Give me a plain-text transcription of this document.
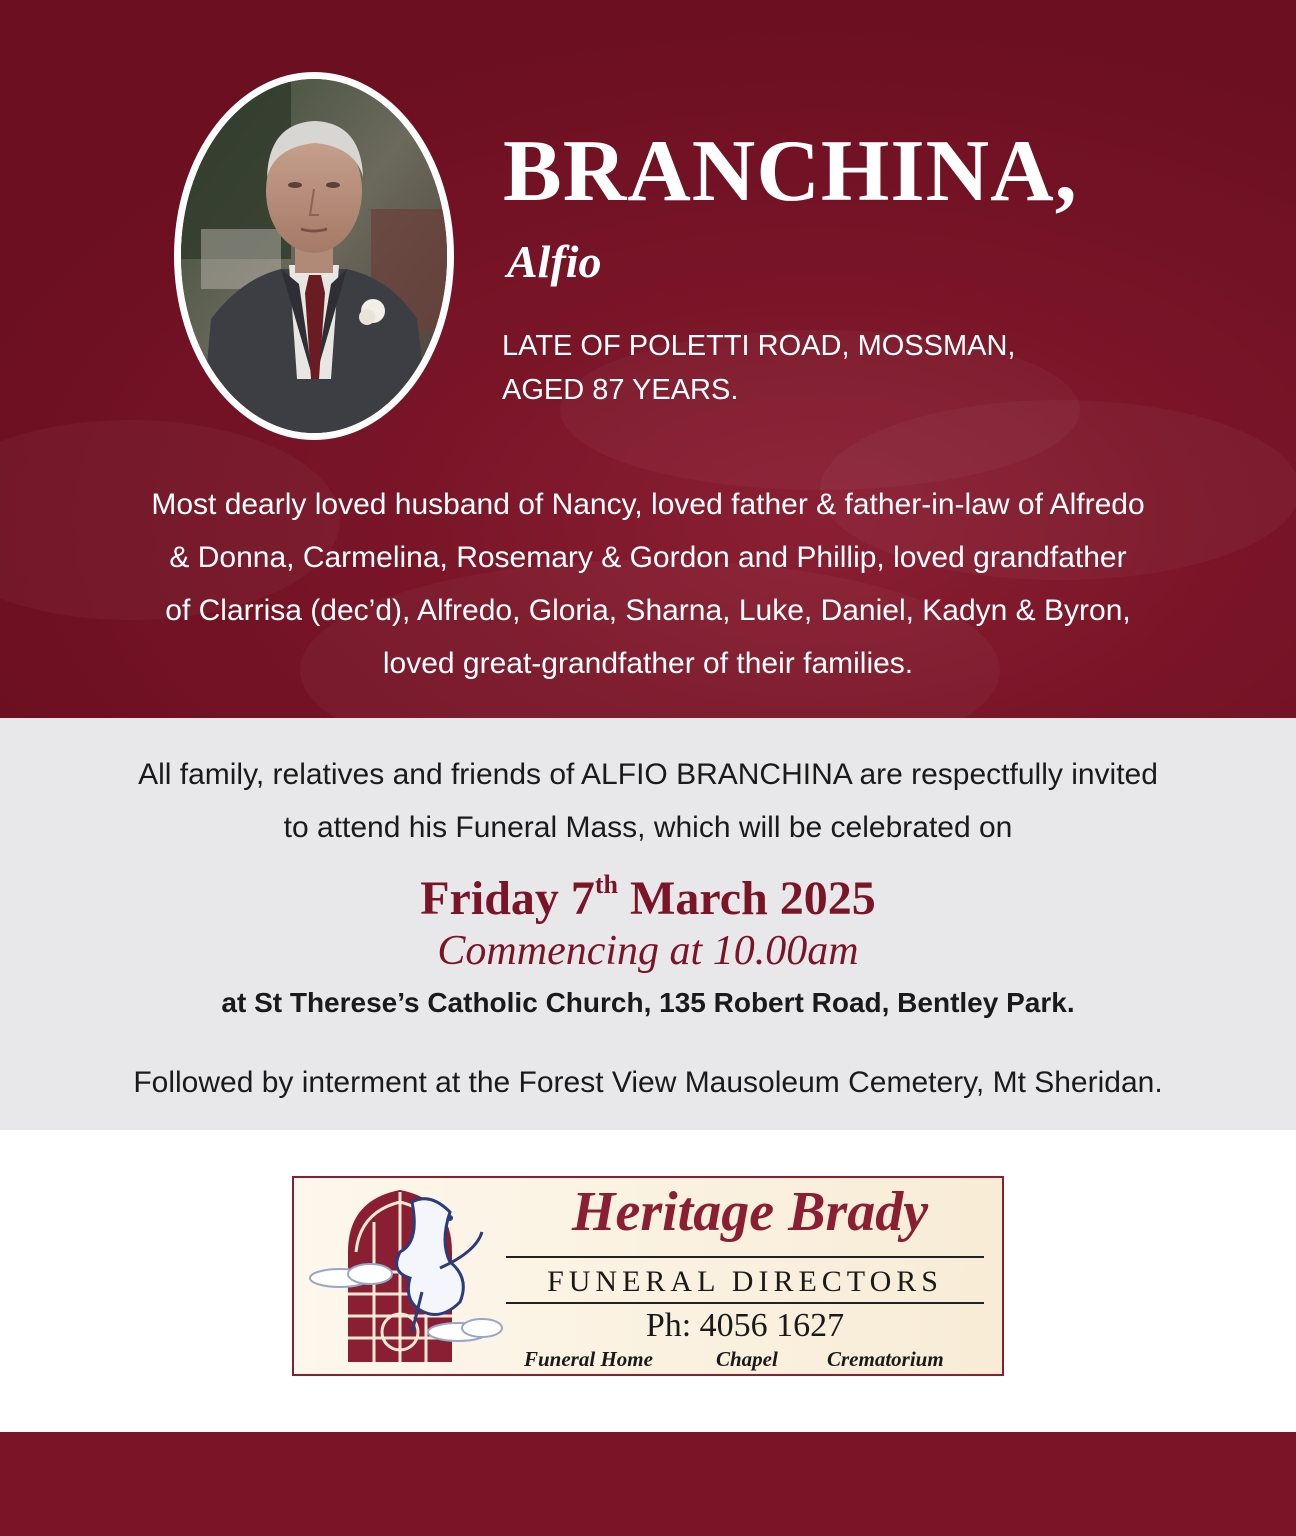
BRANCHINA,
Alfio
LATE OF POLETTI ROAD, MOSSMAN,
AGED 87 YEARS.
Most dearly loved husband of Nancy, loved father & father-in-law of Alfredo
& Donna, Carmelina, Rosemary & Gordon and Phillip, loved grandfather
of Clarrisa (dec’d), Alfredo, Gloria, Sharna, Luke, Daniel, Kadyn & Byron,
loved great-grandfather of their families.
All family, relatives and friends of ALFIO BRANCHINA are respectfully invited
to attend his Funeral Mass, which will be celebrated on
Friday 7th March 2025
Commencing at 10.00am
at St Therese’s Catholic Church, 135 Robert Road, Bentley Park.
Followed by interment at the Forest View Mausoleum Cemetery, Mt Sheridan.
Heritage Brady
FUNERAL DIRECTORS
Ph: 4056 1627
Funeral Home	Chapel Crematorium
